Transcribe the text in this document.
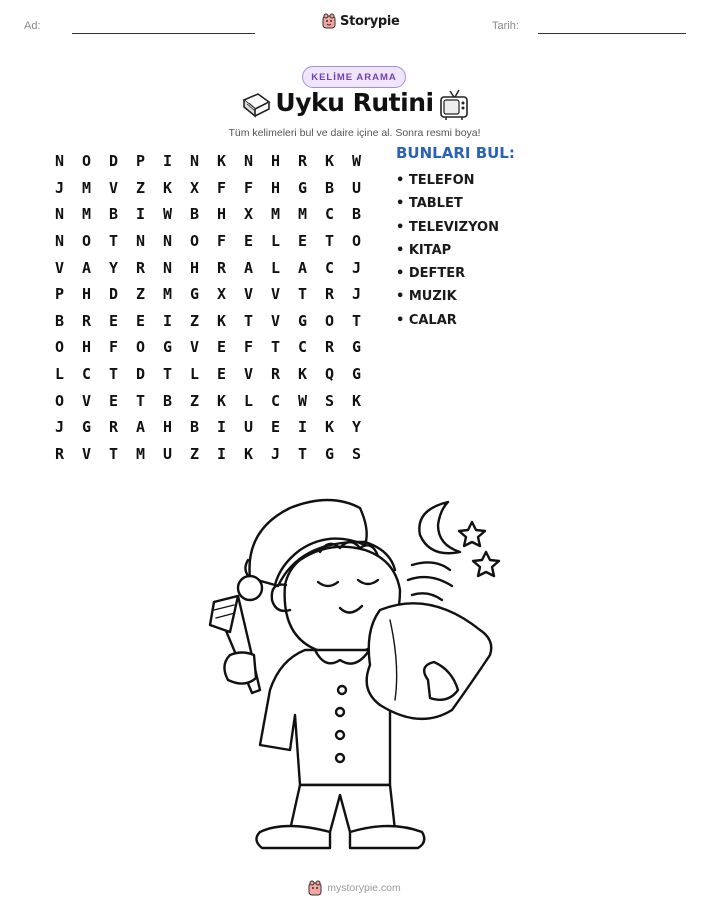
Ad:	Storypie	Tarih:
KELİME ARAMA
Uyku Rutini
Tüm kelimeleri bul ve daire içine al. Sonra resmi boya!
N	O	D	P	I	N	K	N	H	R	K	W
J	M	V	Z	K	X	F	F	H	G	B	U
N	M	B	I	W	B	H	X	M	M	C	B
N	O	T	N	N	O	F	E	L	E	T	O
V	A	Y	R	N	H	R	A	L	A	C	J
P	H	D	Z	M	G	X	V	V	T	R	J
B	R	E	E	I	Z	K	T	V	G	O	T
O	H	F	O	G	V	E	F	T	C	R	G
L	C	T	D	T	L	E	V	R	K	Q	G
O	V	E	T	B	Z	K	L	C	W	S	K
J	G	R	A	H	B	I	U	E	I	K	Y
R	V	T	M	U	Z	I	K	J	T	G	S
BUNLARI BUL:
• TELEFON
• TABLET
• TELEVIZYON
• KITAP
• DEFTER
• MUZIK
• CALAR
mystorypie.com
